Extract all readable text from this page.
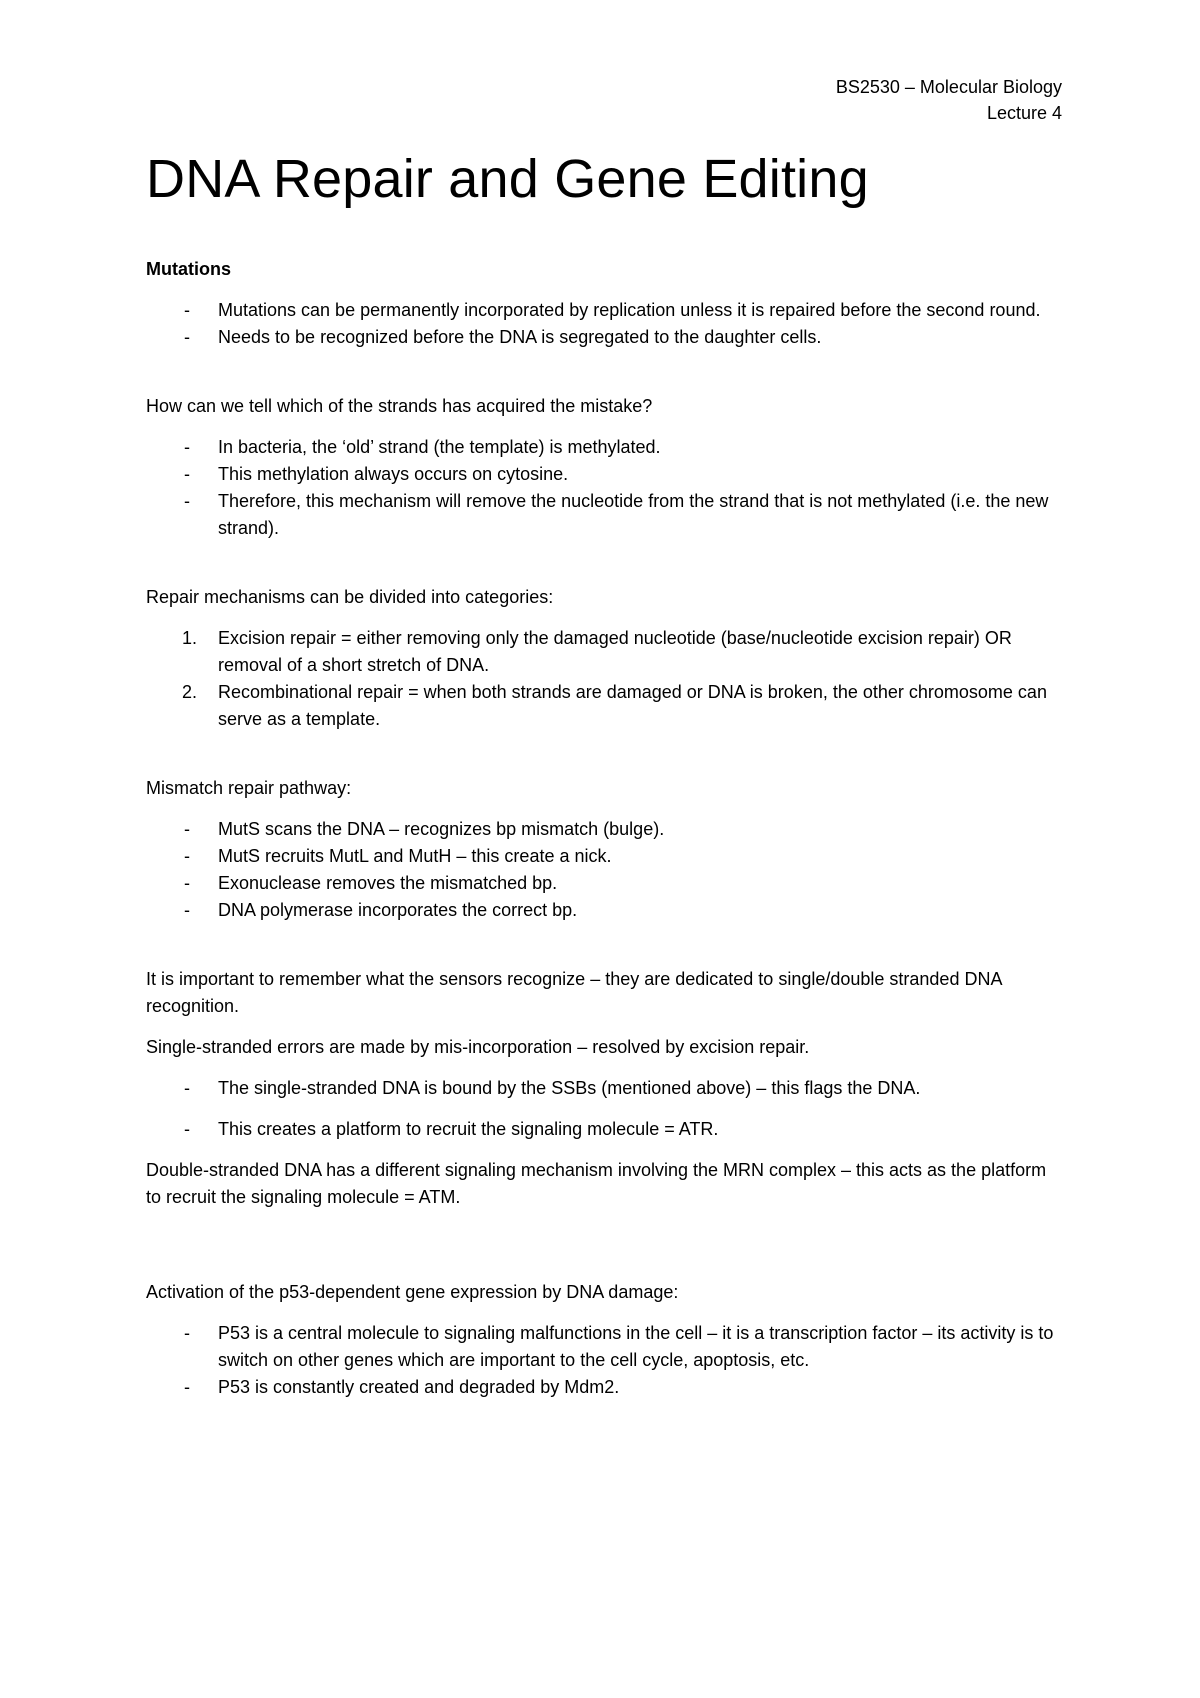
BS2530 – Molecular Biology
Lecture 4
DNA Repair and Gene Editing

Mutations

- Mutations can be permanently incorporated by replication unless it is repaired before the second round.
- Needs to be recognized before the DNA is segregated to the daughter cells.

How can we tell which of the strands has acquired the mistake?

- In bacteria, the ‘old’ strand (the template) is methylated.
- This methylation always occurs on cytosine.
- Therefore, this mechanism will remove the nucleotide from the strand that is not methylated (i.e. the new strand).

Repair mechanisms can be divided into categories:

1. Excision repair = either removing only the damaged nucleotide (base/nucleotide excision repair) OR removal of a short stretch of DNA.
2. Recombinational repair = when both strands are damaged or DNA is broken, the other chromosome can serve as a template.

Mismatch repair pathway:

- MutS scans the DNA – recognizes bp mismatch (bulge).
- MutS recruits MutL and MutH – this create a nick.
- Exonuclease removes the mismatched bp.
- DNA polymerase incorporates the correct bp.

It is important to remember what the sensors recognize – they are dedicated to single/double stranded DNA recognition.

Single-stranded errors are made by mis-incorporation – resolved by excision repair.

- The single-stranded DNA is bound by the SSBs (mentioned above) – this flags the DNA.
- This creates a platform to recruit the signaling molecule = ATR.

Double-stranded DNA has a different signaling mechanism involving the MRN complex – this acts as the platform to recruit the signaling molecule = ATM.

Activation of the p53-dependent gene expression by DNA damage:

- P53 is a central molecule to signaling malfunctions in the cell – it is a transcription factor – its activity is to switch on other genes which are important to the cell cycle, apoptosis, etc.
- P53 is constantly created and degraded by Mdm2.
